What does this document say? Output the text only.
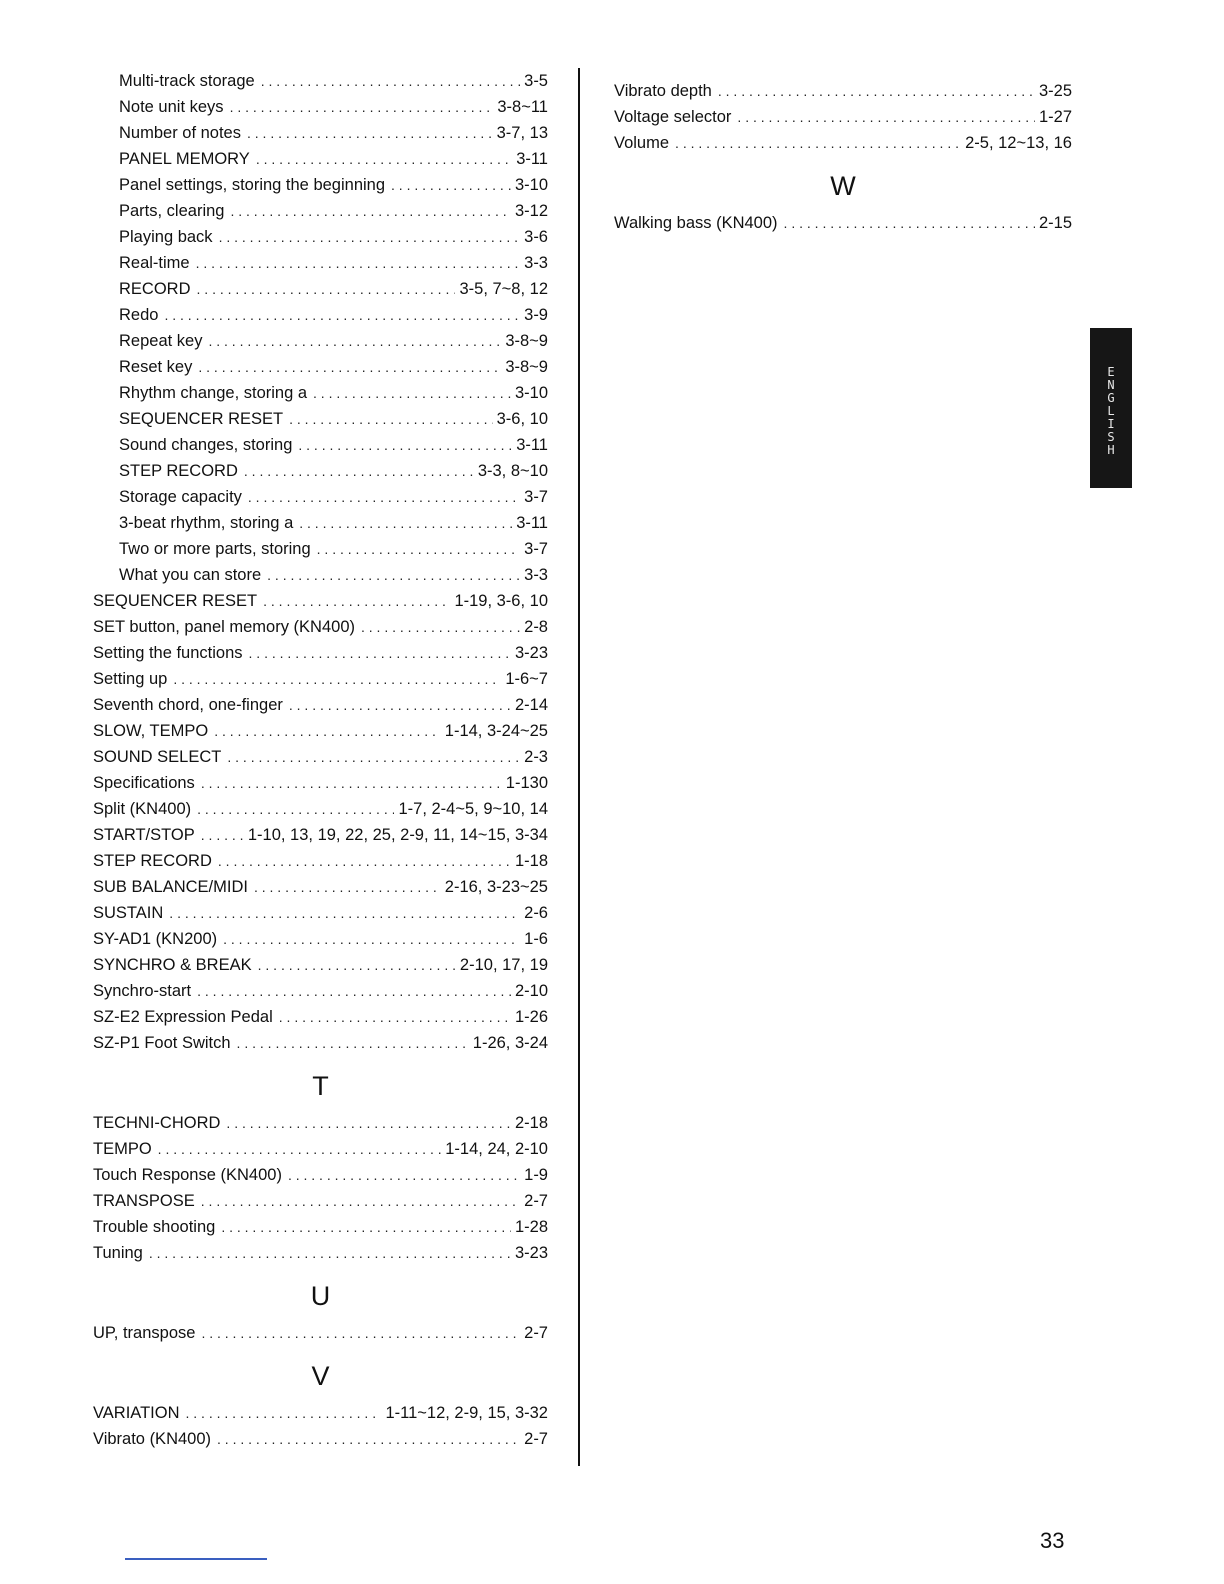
Multi-track storage . . .	3-5
Note unit keys . . .	3-8~11
Number of notes . . .	3-7, 13
PANEL MEMORY . . .	3-11
Panel settings, storing the beginning . . .	3-10
Parts, clearing . . .	3-12
Playing back . . .	3-6
Real-time . . .	3-3
RECORD . . .	3-5, 7~8, 12
Redo . . .	3-9
Repeat key . . .	3-8~9
Reset key . . .	3-8~9
Rhythm change, storing a . . .	3-10
SEQUENCER RESET . . .	3-6, 10
Sound changes, storing . . .	3-11
STEP RECORD . . .	3-3, 8~10
Storage capacity . . .	3-7
3-beat rhythm, storing a . . .	3-11
Two or more parts, storing . . .	3-7
What you can store . . .	3-3
SEQUENCER RESET . . .	1-19, 3-6, 10
SET button, panel memory (KN400) . . .	2-8
Setting the functions . . .	3-23
Setting up . . .	1-6~7
Seventh chord, one-finger . . .	2-14
SLOW, TEMPO . . .	1-14, 3-24~25
SOUND SELECT . . .	2-3
Specifications . . .	1-130
Split (KN400) . . .	1-7, 2-4~5, 9~10, 14
START/STOP . . .	1-10, 13, 19, 22, 25, 2-9, 11, 14~15, 3-34
STEP RECORD . . .	1-18
SUB BALANCE/MIDI . . .	2-16, 3-23~25
SUSTAIN . . .	2-6
SY-AD1 (KN200) . . .	1-6
SYNCHRO & BREAK . . .	2-10, 17, 19
Synchro-start . . .	2-10
SZ-E2 Expression Pedal . . .	1-26
SZ-P1 Foot Switch . . .	1-26, 3-24
T
TECHNI-CHORD . . .	2-18
TEMPO . . .	1-14, 24, 2-10
Touch Response (KN400) . . .	1-9
TRANSPOSE . . .	2-7
Trouble shooting . . .	1-28
Tuning . . .	3-23
U
UP, transpose . . .	2-7
V
VARIATION . . .	1-11~12, 2-9, 15, 3-32
Vibrato (KN400) . . .	2-7
Vibrato depth . . .	3-25
Voltage selector . . .	1-27
Volume . . .	2-5, 12~13, 16
W
Walking bass (KN400) . . .	2-15
E
N
G
L
I
S
H
33
